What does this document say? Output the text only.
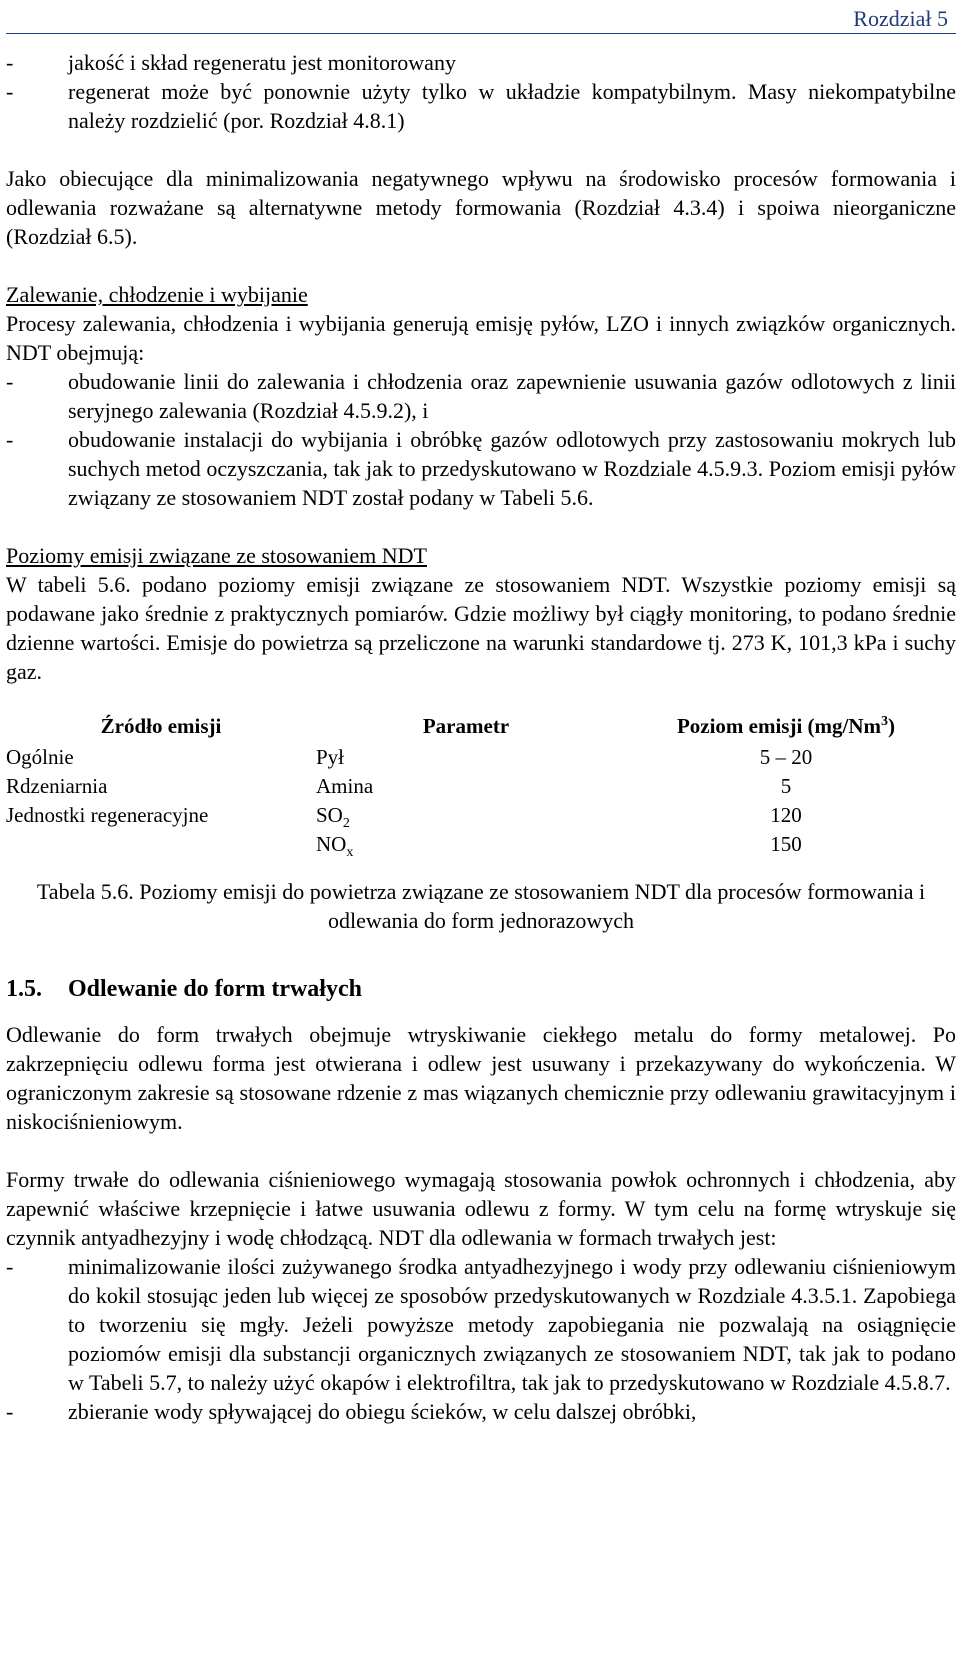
Rozdział 5
-	jakość i skład regeneratu jest monitorowany
-	regenerat może być ponownie użyty tylko w układzie kompatybilnym. Masy niekompatybilne należy rozdzielić (por. Rozdział 4.8.1)

Jako obiecujące dla minimalizowania negatywnego wpływu na środowisko procesów formowania i odlewania rozważane są alternatywne metody formowania (Rozdział 4.3.4) i spoiwa nieorganiczne (Rozdział 6.5).

Zalewanie, chłodzenie i wybijanie

Procesy zalewania, chłodzenia i wybijania generują emisję pyłów, LZO i innych związków organicznych. NDT obejmują:

-	obudowanie linii do zalewania i chłodzenia oraz zapewnienie usuwania gazów odlotowych z linii seryjnego zalewania (Rozdział 4.5.9.2), i
-	obudowanie instalacji do wybijania i obróbkę gazów odlotowych przy zastosowaniu mokrych lub suchych metod oczyszczania, tak jak to przedyskutowano w Rozdziale 4.5.9.3. Poziom emisji pyłów związany ze stosowaniem NDT został podany w Tabeli 5.6.
Poziomy emisji związane ze stosowaniem NDT

W tabeli 5.6. podano poziomy emisji związane ze stosowaniem NDT. Wszystkie poziomy emisji są podawane jako średnie z praktycznych pomiarów. Gdzie możliwy był ciągły monitoring, to podano średnie dzienne wartości. Emisje do powietrza są przeliczone na warunki standardowe tj. 273 K, 101,3 kPa i suchy gaz.

Źródło emisji	Parametr	Poziom emisji (mg/Nm$^3$)
Ogólnie	Pył	5 – 20
Rdzeniarnia	Amina	5
Jednostki regeneracyjne	$SO_2$	120
	$NO_x$	150
Tabela 5.6. Poziomy emisji do powietrza związane ze stosowaniem NDT dla procesów formowania i odlewania do form jednorazowych
1.5.	Odlewanie do form trwałych

Odlewanie do form trwałych obejmuje wtryskiwanie ciekłego metalu do formy metalowej. Po zakrzepnięciu odlewu forma jest otwierana i odlew jest usuwany i przekazywany do wykończenia. W ograniczonym zakresie są stosowane rdzenie z mas wiązanych chemicznie przy odlewaniu grawitacyjnym i niskociśnieniowym.

Formy trwałe do odlewania ciśnieniowego wymagają stosowania powłok ochronnych i chłodzenia, aby zapewnić właściwe krzepnięcie i łatwe usuwania odlewu z formy. W tym celu na formę wtryskuje się czynnik antyadhezyjny i wodę chłodzącą. NDT dla odlewania w formach trwałych jest:

-	minimalizowanie ilości zużywanego środka antyadhezyjnego i wody przy odlewaniu ciśnieniowym do kokil stosując jeden lub więcej ze sposobów przedyskutowanych w Rozdziale 4.3.5.1. Zapobiega to tworzeniu się mgły. Jeżeli powyższe metody zapobiegania nie pozwalają na osiągnięcie poziomów emisji dla substancji organicznych związanych ze stosowaniem NDT, tak jak to podano w Tabeli 5.7, to należy użyć okapów i elektrofiltra, tak jak to przedyskutowano w Rozdziale 4.5.8.7.
-	zbieranie wody spływającej do obiegu ścieków, w celu dalszej obróbki,
